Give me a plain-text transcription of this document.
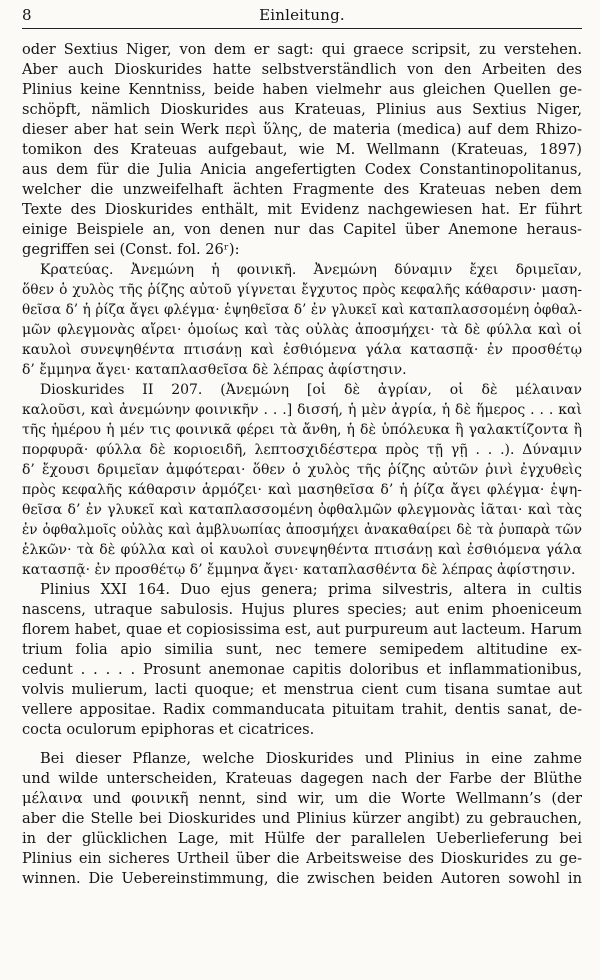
8	Einleitung.
oder Sextius Niger, von dem er sagt: qui graece scripsit, zu verstehen.
Aber auch Dioskurides hatte selbstverständlich von den Arbeiten des
Plinius keine Kenntniss, beide haben vielmehr aus gleichen Quellen ge-
schöpft, nämlich Dioskurides aus Krateuas, Plinius aus Sextius Niger,
dieser aber hat sein Werk περὶ ὕλης, de materia (medica) auf dem Rhizo-
tomikon des Krateuas aufgebaut, wie M. Wellmann (Krateuas, 1897)
aus dem für die Julia Anicia angefertigten Codex Constantinopolitanus,
welcher die unzweifelhaft ächten Fragmente des Krateuas neben dem
Texte des Dioskurides enthält, mit Evidenz nachgewiesen hat. Er führt
einige Beispiele an, von denen nur das Capitel über Anemone heraus-
gegriffen sei (Const. fol. 26ʳ):
Κρατεύας. Ἀνεμώνη ἡ φοινικῆ. Ἀνεμώνη δύναμιν ἔχει δριμεῖαν,
ὅθεν ὁ χυλὸς τῆς ῥίζης αὐτοῦ γίγνεται ἔγχυτος πρὸς κεφαλῆς κάθαρσιν· μαση-
θεῖσα δ’ ἡ ῥίζα ἄγει φλέγμα· ἑψηθεῖσα δ’ ἐν γλυκεῖ καὶ καταπλασσομένη ὀφθαλ-
μῶν φλεγμονὰς αἴρει· ὁμοίως καὶ τὰς οὐλὰς ἀποσμήχει· τὰ δὲ φύλλα καὶ οἱ
καυλοὶ συνεψηθέντα πτισάνῃ καὶ ἐσθιόμενα γάλα κατασπᾷ· ἐν προσθέτῳ
δ’ ἔμμηνα ἄγει· καταπλασθεῖσα δὲ λέπρας ἀφίστησιν.
Dioskurides II 207. (Ἀνεμώνη [οἱ δὲ ἀγρίαν, οἱ δὲ μέλαιναν
καλοῦσι, καὶ ἀνεμώνην φοινικῆν . . .] δισσή, ἡ μὲν ἀγρία, ἡ δὲ ἥμερος . . . καὶ
τῆς ἡμέρου ἡ μέν τις φοινικᾶ φέρει τὰ ἄνθη, ἡ δὲ ὑπόλευκα ἢ γαλακτίζοντα ἢ
πορφυρᾶ· φύλλα δὲ κοριοειδῆ, λεπτοσχιδέστερα πρὸς τῇ γῇ . . .). Δύναμιν
δ’ ἔχουσι δριμεῖαν ἀμφότεραι· ὅθεν ὁ χυλὸς τῆς ῥίζης αὐτῶν ῥινὶ ἐγχυθεὶς
πρὸς κεφαλῆς κάθαρσιν ἁρμόζει· καὶ μασηθεῖσα δ’ ἡ ῥίζα ἄγει φλέγμα· ἑψη-
θεῖσα δ’ ἐν γλυκεῖ καὶ καταπλασσομένη ὀφθαλμῶν φλεγμονὰς ἰᾶται· καὶ τὰς
ἐν ὀφθαλμοῖς οὐλὰς καὶ ἀμβλυωπίας ἀποσμήχει ἀνακαθαίρει δὲ τὰ ῥυπαρὰ τῶν
ἑλκῶν· τὰ δὲ φύλλα καὶ οἱ καυλοὶ συνεψηθέντα πτισάνῃ καὶ ἐσθιόμενα γάλα
κατασπᾷ· ἐν προσθέτῳ δ’ ἔμμηνα ἄγει· καταπλασθέντα δὲ λέπρας ἀφίστησιν.
Plinius XXI 164. Duo ejus genera; prima silvestris, altera in cultis
nascens, utraque sabulosis. Hujus plures species; aut enim phoeniceum
florem habet, quae et copiosissima est, aut purpureum aut lacteum. Harum
trium folia apio similia sunt, nec temere semipedem altitudine ex-
cedunt . . . . . Prosunt anemonae capitis doloribus et inflammationibus,
volvis mulierum, lacti quoque; et menstrua cient cum tisana sumtae aut
vellere appositae. Radix commanducata pituitam trahit, dentis sanat, de-
cocta oculorum epiphoras et cicatrices.
Bei dieser Pflanze, welche Dioskurides und Plinius in eine zahme
und wilde unterscheiden, Krateuas dagegen nach der Farbe der Blüthe
μέλαινα und φοινικῆ nennt, sind wir, um die Worte Wellmann’s (der
aber die Stelle bei Dioskurides und Plinius kürzer angibt) zu gebrauchen,
in der glücklichen Lage, mit Hülfe der parallelen Ueberlieferung bei
Plinius ein sicheres Urtheil über die Arbeitsweise des Dioskurides zu ge-
winnen. Die Uebereinstimmung, die zwischen beiden Autoren sowohl in
